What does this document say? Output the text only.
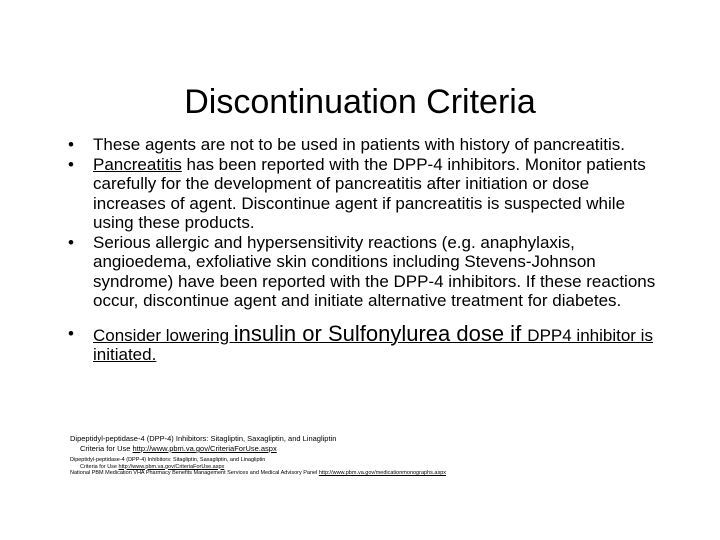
Discontinuation Criteria
• These agents are not to be used in patients with history of pancreatitis.
• Pancreatitis has been reported with the DPP-4 inhibitors. Monitor patients carefully for the development of pancreatitis after initiation or dose increases of agent. Discontinue agent if pancreatitis is suspected while using these products.
• Serious allergic and hypersensitivity reactions (e.g. anaphylaxis, angioedema, exfoliative skin conditions including Stevens-Johnson syndrome) have been reported with the DPP-4 inhibitors. If these reactions occur, discontinue agent and initiate alternative treatment for diabetes.
• Consider lowering insulin or Sulfonylurea dose if DPP4 inhibitor is initiated.
Dipeptidyl-peptidase-4 (DPP-4) Inhibitors: Sitagliptin, Saxagliptin, and Linagliptin
Criteria for Use http://www.pbm.va.gov/CriteriaForUse.aspx
Dipeptidyl-peptidase-4 (DPP-4) Inhibitors: Sitagliptin, Saxagliptin, and Linagliptin
Criteria for Use http://www.pbm.va.gov/CriteriaForUse.aspx
National PBM Medication VHA Pharmacy Benefits Management Services and Medical Advisory Panel http://www.pbm.va.gov/medicationmonographs.aspx
